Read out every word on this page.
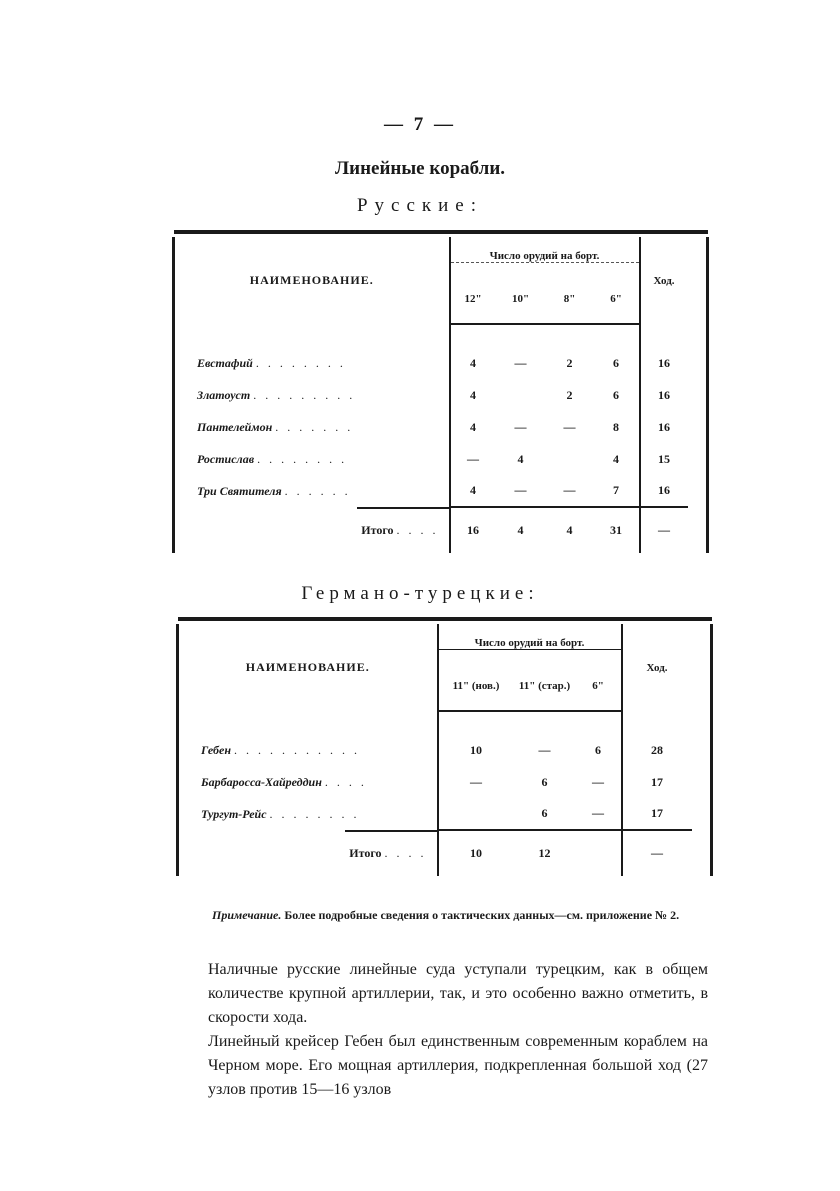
— 7 —
Линейные корабли.
Русские:

НАИМЕНОВАНИЕ.	Число орудий на борт.				Ход.	
	12"	10"	8"	6"		

Евстафий . . . . . . . .	4	—	2	6	16	
Златоуст . . . . . . . . .	4		2	6	16	
Пантелеймон . . . . . . .	4	—	—	8	16	
Ростислав . . . . . . . .	—	4		4	15	
Три Святителя . . . . . .	4	—	—	7	16	
Итого . . . .	16	4	4	31	—	
Германо-турецкие:

НАИМЕНОВАНИЕ.	Число орудий на борт.			Ход.	
	11" (нов.)	11" (стар.)	6"		

Гебен . . . . . . . . . . .	10	—	6	28	
Барбаросса-Хайреддин . . . .	—	6	—	17	
Тургут-Рейс . . . . . . . .		6	—	17	
Итого . . . .	10	12		—	
Примечание. Более подробные сведения о тактических данных—см. приложение № 2.

Наличные русские линейные суда уступали турецким, как в общем количестве крупной артиллерии, так, и это особенно важно отметить, в скорости хода.

Линейный крейсер Гебен был единственным современным кораблем на Черном море. Его мощная артиллерия, подкрепленная большой ход (27 узлов против 15—16 узлов
